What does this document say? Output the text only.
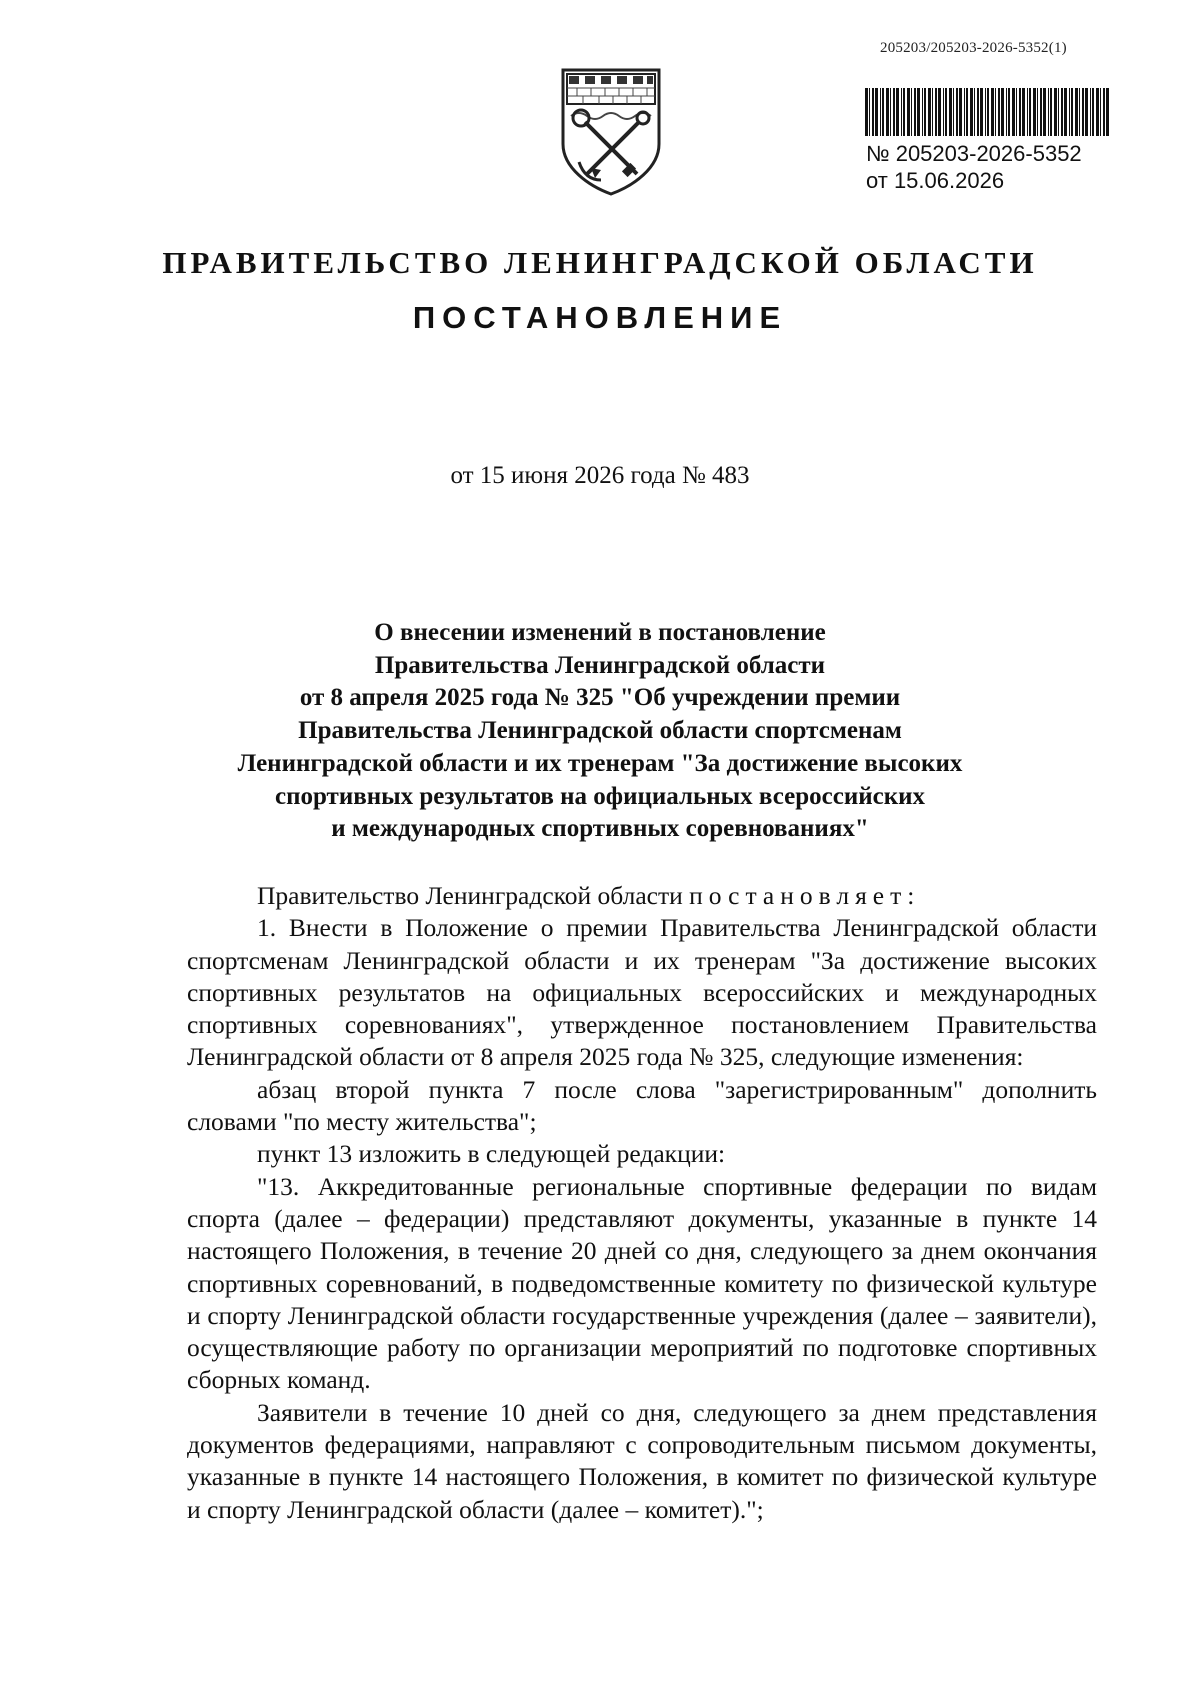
205203/205203-2026-5352(1)
№ 205203-2026-5352
от 15.06.2026
ПРАВИТЕЛЬСТВО ЛЕНИНГРАДСКОЙ ОБЛАСТИ
ПОСТАНОВЛЕНИЕ
от 15 июня 2026 года № 483
О внесении изменений в постановление
Правительства Ленинградской области
от 8 апреля 2025 года № 325 "Об учреждении премии
Правительства Ленинградской области спортсменам
Ленинградской области и их тренерам "За достижение высоких
спортивных результатов на официальных всероссийских
и международных спортивных соревнованиях"

Правительство Ленинградской области постановляет:

1. Внести в Положение о премии Правительства Ленинградской области спортсменам Ленинградской области и их тренерам "За достижение высоких спортивных результатов на официальных всероссийских и международных спортивных соревнованиях", утвержденное постановлением Правительства Ленинградской области от 8 апреля 2025 года № 325, следующие изменения:

абзац второй пункта 7 после слова "зарегистрированным" дополнить словами "по месту жительства";

пункт 13 изложить в следующей редакции:

"13. Аккредитованные региональные спортивные федерации по видам спорта (далее – федерации) представляют документы, указанные в пункте 14 настоящего Положения, в течение 20 дней со дня, следующего за днем окончания спортивных соревнований, в подведомственные комитету по физической культуре и спорту Ленинградской области государственные учреждения (далее – заявители), осуществляющие работу по организации мероприятий по подготовке спортивных сборных команд.

Заявители в течение 10 дней со дня, следующего за днем представления документов федерациями, направляют с сопроводительным письмом документы, указанные в пункте 14 настоящего Положения, в комитет по физической культуре и спорту Ленинградской области (далее – комитет).";
